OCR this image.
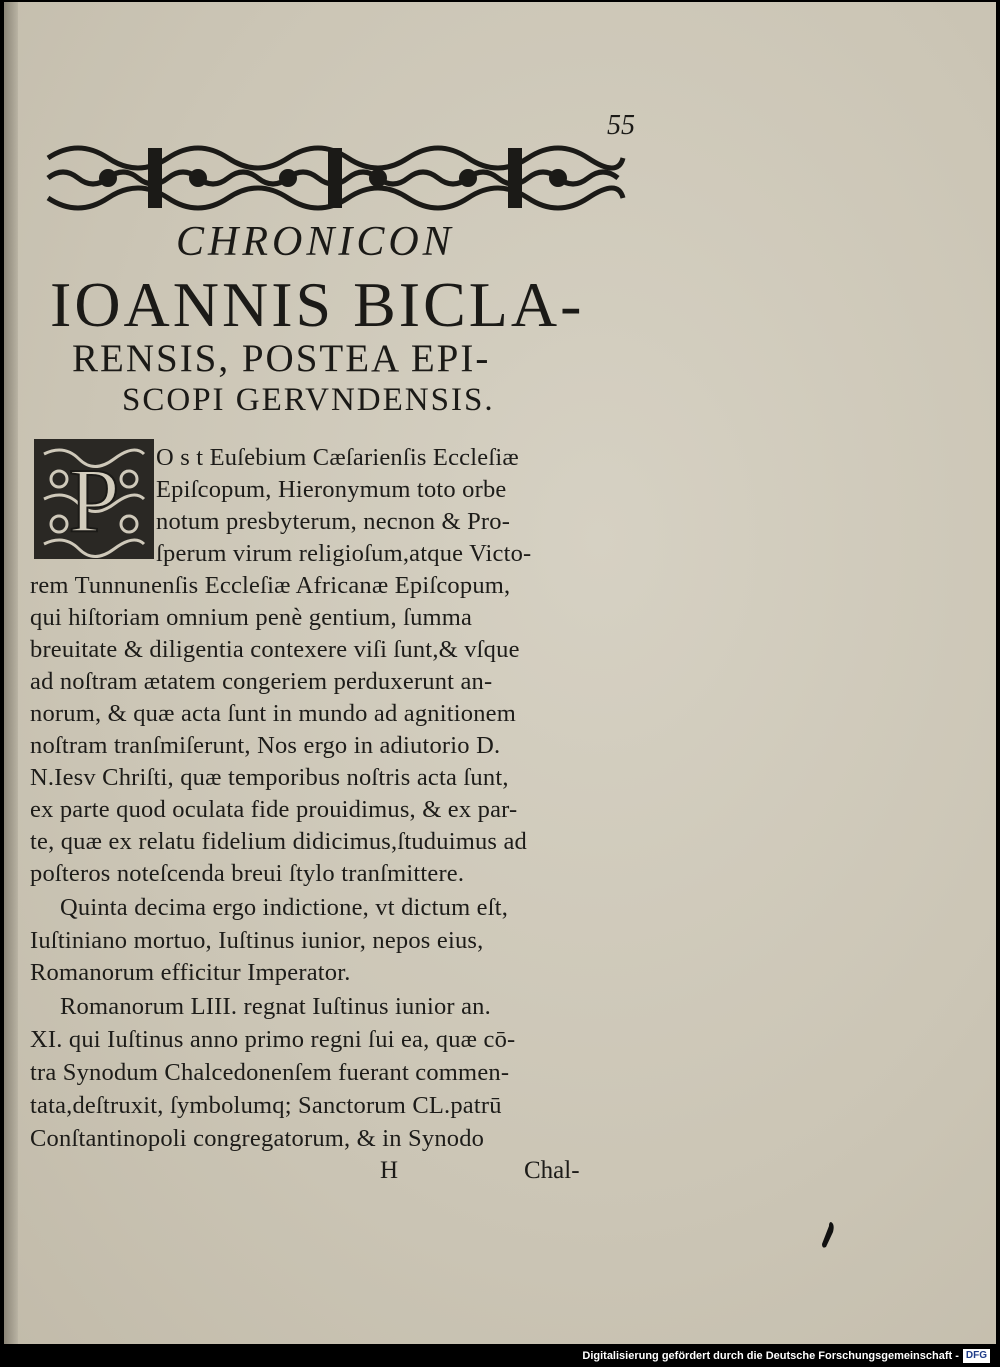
55
CHRONICON
IOANNIS BICLA-
RENSIS, POSTEA EPI-
SCOPI GERVNDENSIS.
P O s t Euſebium Cæſarienſis Eccleſiæ
Epiſcopum, Hieronymum toto orbe
notum presbyterum, necnon & Pro-
ſperum virum religioſum,atque Victo-
rem Tunnunenſis Eccleſiæ Africanæ Epiſcopum,
qui hiſtoriam omnium penè gentium, ſumma
breuitate & diligentia contexere viſi ſunt,& vſque
ad noſtram ætatem congeriem perduxerunt an-
norum, & quæ acta ſunt in mundo ad agnitionem
noſtram tranſmiſerunt, Nos ergo in adiutorio D.
N.Iesv Chriſti, quæ temporibus noſtris acta ſunt,
ex parte quod oculata fide prouidimus, & ex par-
te, quæ ex relatu fidelium didicimus,ſtuduimus ad
poſteros noteſcenda breui ſtylo tranſmittere.
Quinta decima ergo indictione, vt dictum eſt,
Iuſtiniano mortuo, Iuſtinus iunior, nepos eius,
Romanorum efficitur Imperator.
Romanorum LIII. regnat Iuſtinus iunior an.
XI. qui Iuſtinus anno primo regni ſui ea, quæ cō-
tra Synodum Chalcedonenſem fuerant commen-
tata,deſtruxit, ſymbolumq; Sanctorum CL.patrū
Conſtantinopoli congregatorum, & in Synodo
H	Chal-
Digitalisierung gefördert durch die Deutsche Forschungsgemeinschaft - DFG
